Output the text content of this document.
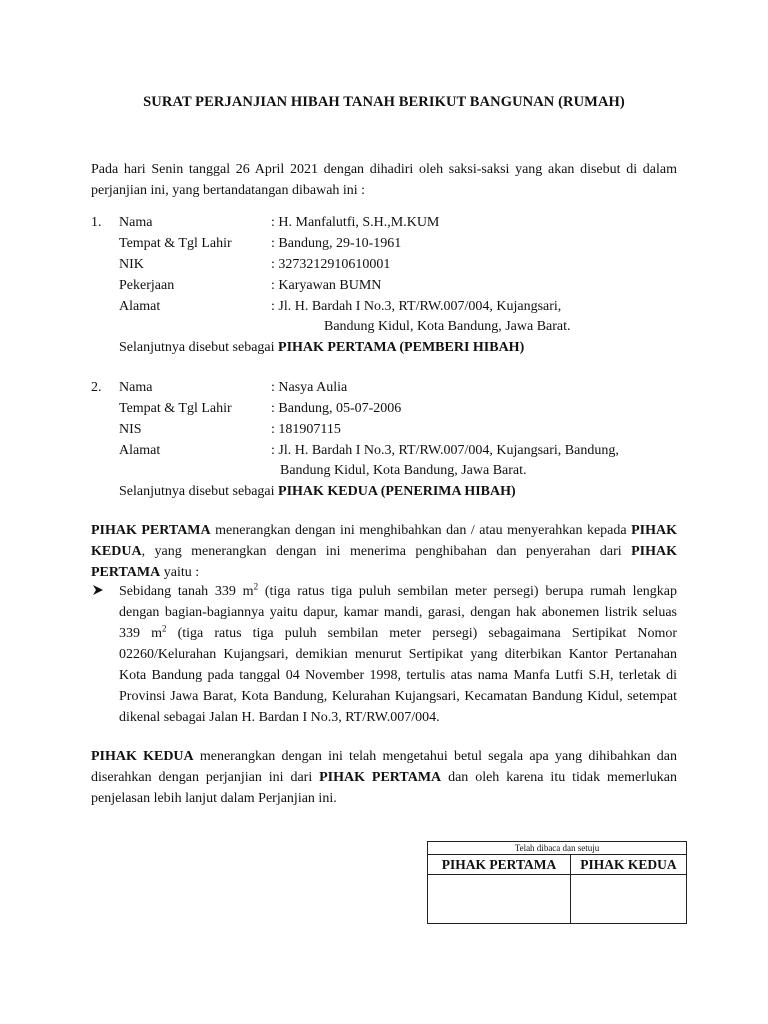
SURAT PERJANJIAN HIBAH TANAH BERIKUT BANGUNAN (RUMAH)
Pada hari Senin tanggal 26 April 2021 dengan dihadiri oleh saksi-saksi yang akan disebut di dalam perjanjian ini, yang bertandatangan dibawah ini :
1. Nama	: H. Manfalutfi, S.H.,M.KUM
Tempat & Tgl Lahir	: Bandung, 29-10-1961
NIK	: 3273212910610001
Pekerjaan	: Karyawan BUMN
Alamat	: Jl. H. Bardah I No.3, RT/RW.007/004, Kujangsari,
Bandung Kidul, Kota Bandung, Jawa Barat.
Selanjutnya disebut sebagai PIHAK PERTAMA (PEMBERI HIBAH)
2. Nama	: Nasya Aulia
Tempat & Tgl Lahir	: Bandung, 05-07-2006
NIS	: 181907115
Alamat	: Jl. H. Bardah I No.3, RT/RW.007/004, Kujangsari, Bandung,
Bandung Kidul, Kota Bandung, Jawa Barat.
Selanjutnya disebut sebagai PIHAK KEDUA (PENERIMA HIBAH)
PIHAK PERTAMA menerangkan dengan ini menghibahkan dan / atau menyerahkan kepada PIHAK KEDUA, yang menerangkan dengan ini menerima penghibahan dan penyerahan dari PIHAK PERTAMA yaitu :
Sebidang tanah 339 $m^2$ (tiga ratus tiga puluh sembilan meter persegi) berupa rumah lengkap dengan bagian-bagiannya yaitu dapur, kamar mandi, garasi, dengan hak abonemen listrik seluas 339 $m^2$ (tiga ratus tiga puluh sembilan meter persegi) sebagaimana Sertipikat Nomor 02260/Kelurahan Kujangsari, demikian menurut Sertipikat yang diterbikan Kantor Pertanahan Kota Bandung pada tanggal 04 November 1998, tertulis atas nama Manfa Lutfi S.H, terletak di Provinsi Jawa Barat, Kota Bandung, Kelurahan Kujangsari, Kecamatan Bandung Kidul, setempat dikenal sebagai Jalan H. Bardan I No.3, RT/RW.007/004.
PIHAK KEDUA menerangkan dengan ini telah mengetahui betul segala apa yang dihibahkan dan diserahkan dengan perjanjian ini dari PIHAK PERTAMA dan oleh karena itu tidak memerlukan penjelasan lebih lanjut dalam Perjanjian ini.
Telah dibaca dan setuju	
PIHAK PERTAMA	PIHAK KEDUA
